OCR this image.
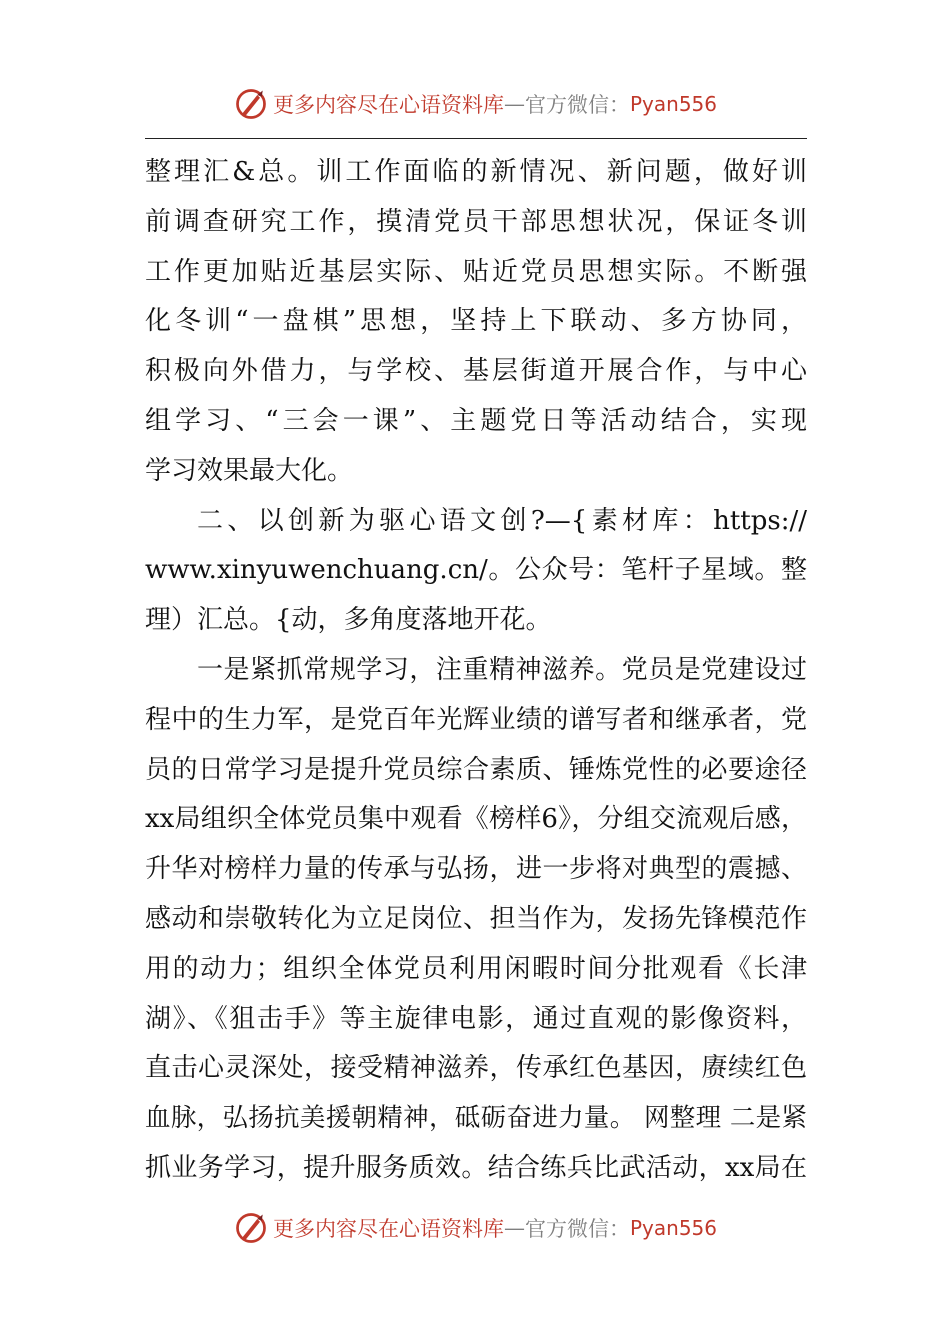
更多内容尽在心语资料库 — 官方微信： Pyan556
整理汇&总。训工作面临的新情况、新问题，做好训
前调查研究工作，摸清党员干部思想状况，保证冬训
工作更加贴近基层实际、贴近党员思想实际。不断强
化冬训“一盘棋”思想，坚持上下联动、多方协同，
积极向外借力，与学校、基层街道开展合作，与中心
组学习、“三会一课”、主题党日等活动结合，实现
学习效果最大化。
二、以创新为驱心语文创?—{素材库：https://
www.xinyuwenchuang.cn/。公众号：笔杆子星域。整
理）汇总。{动，多角度落地开花。
一是紧抓常规学习，注重精神滋养。党员是党建设过
程中的生力军，是党百年光辉业绩的谱写者和继承者，党
员的日常学习是提升党员综合素质、锤炼党性的必要途径
xx局组织全体党员集中观看《榜样6》，分组交流观后感，
升华对榜样力量的传承与弘扬，进一步将对典型的震撼、
感动和崇敬转化为立足岗位、担当作为，发扬先锋模范作
用的动力；组织全体党员利用闲暇时间分批观看《长津
湖》、《狙击手》等主旋律电影，通过直观的影像资料，
直击心灵深处，接受精神滋养，传承红色基因，赓续红色
血脉，弘扬抗美援朝精神，砥砺奋进力量。 网整理 二是紧
抓业务学习，提升服务质效。结合练兵比武活动，xx局在
更多内容尽在心语资料库 — 官方微信： Pyan556
